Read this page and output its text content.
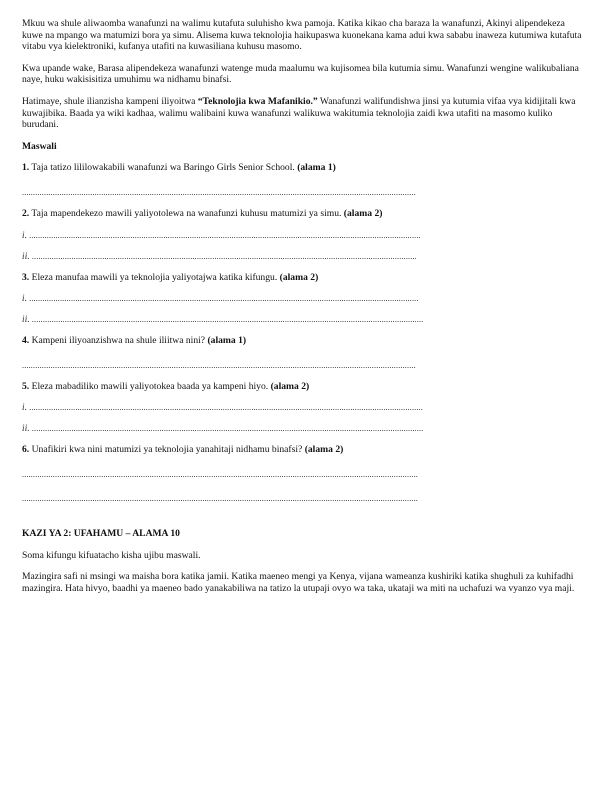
Mkuu wa shule aliwaomba wanafunzi na walimu kutafuta suluhisho kwa pamoja. Katika kikao cha baraza la wanafunzi, Akinyi alipendekeza kuwe na mpango wa matumizi bora ya simu. Alisema kuwa teknolojia haikupaswa kuonekana kama adui kwa sababu inaweza kutumiwa kutafuta vitabu vya kielektroniki, kufanya utafiti na kuwasiliana kuhusu masomo.

Kwa upande wake, Barasa alipendekeza wanafunzi watenge muda maalumu wa kujisomea bila kutumia simu. Wanafunzi wengine walikubaliana naye, huku wakisisitiza umuhimu wa nidhamu binafsi.

Hatimaye, shule ilianzisha kampeni iliyoitwa “Teknolojia kwa Mafanikio.” Wanafunzi walifundishwa jinsi ya kutumia vifaa vya kidijitali kwa kuwajibika. Baada ya wiki kadhaa, walimu walibaini kuwa wanafunzi walikuwa wakitumia teknolojia zaidi kwa utafiti na masomo kuliko burudani.

Maswali

1. Taja tatizo lililowakabili wanafunzi wa Baringo Girls Senior School. (alama 1)

...................................................................................................................................................................................

2. Taja mapendekezo mawili yaliyotolewa na wanafunzi kuhusu matumizi ya simu. (alama 2)

i. ..................................................................................................................................................................................
ii. ...............................................................................................................................................................................

3. Eleza manufaa mawili ya teknolojia yaliyotajwa katika kifungu. (alama 2)

i. .................................................................................................................................................................................
ii. ..................................................................................................................................................................................

4. Kampeni iliyoanzishwa na shule iliitwa nini? (alama 1)

...................................................................................................................................................................................

5. Eleza mabadiliko mawili yaliyotokea baada ya kampeni hiyo. (alama 2)

i. ...................................................................................................................................................................................
ii. ..................................................................................................................................................................................

6. Unafikiri kwa nini matumizi ya teknolojia yanahitaji nidhamu binafsi? (alama 2)

....................................................................................................................................................................................
....................................................................................................................................................................................

KAZI YA 2: UFAHAMU – ALAMA 10

Soma kifungu kifuatacho kisha ujibu maswali.

Mazingira safi ni msingi wa maisha bora katika jamii. Katika maeneo mengi ya Kenya, vijana wameanza kushiriki katika shughuli za kuhifadhi mazingira. Hata hivyo, baadhi ya maeneo bado yanakabiliwa na tatizo la utupaji ovyo wa taka, ukataji wa miti na uchafuzi wa vyanzo vya maji.
